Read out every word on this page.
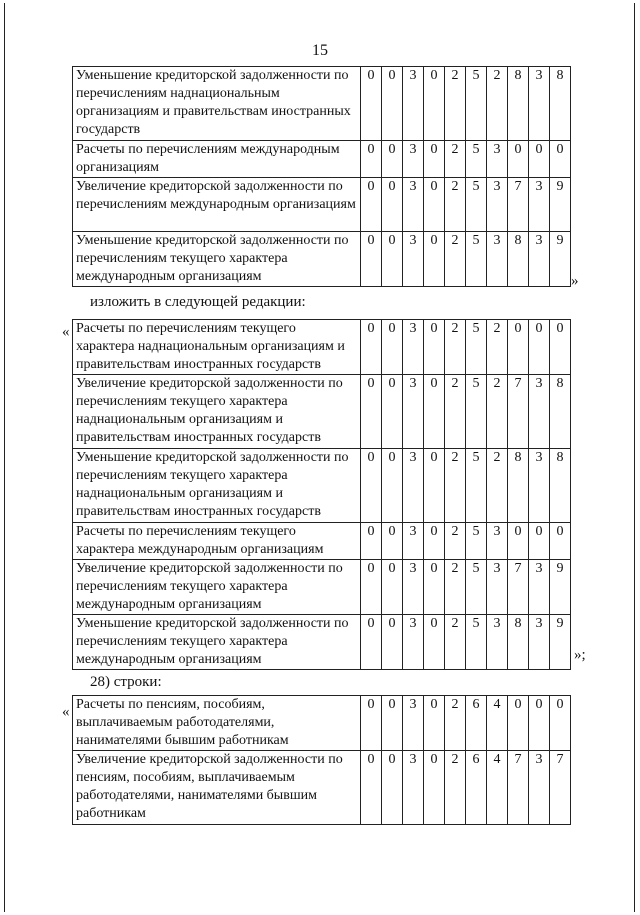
15
Уменьшение кредиторской задолженности по перечислениям наднациональным организациям и правительствам иностранных государств	0	0	3	0	2	5	2	8	3	8
Расчеты по перечислениям международным организациям	0	0	3	0	2	5	3	0	0	0
Увеличение кредиторской задолженности по перечислениям международным организациям	0	0	3	0	2	5	3	7	3	9
Уменьшение кредиторской задолженности по перечислениям текущего характера международным организациям	0	0	3	0	2	5	3	8	3	9
»
изложить в следующей редакции:
« Расчеты по перечислениям текущего характера наднациональным организациям и правительствам иностранных государств	0	0	3	0	2	5	2	0	0	0
Увеличение кредиторской задолженности по перечислениям текущего характера наднациональным организациям и правительствам иностранных государств	0	0	3	0	2	5	2	7	3	8
Уменьшение кредиторской задолженности по перечислениям текущего характера наднациональным организациям и правительствам иностранных государств	0	0	3	0	2	5	2	8	3	8
Расчеты по перечислениям текущего характера международным организациям	0	0	3	0	2	5	3	0	0	0
Увеличение кредиторской задолженности по перечислениям текущего характера международным организациям	0	0	3	0	2	5	3	7	3	9
Уменьшение кредиторской задолженности по перечислениям текущего характера международным организациям	0	0	3	0	2	5	3	8	3	9
»;
28) строки:
« Расчеты по пенсиям, пособиям, выплачиваемым работодателями, нанимателями бывшим работникам	0	0	3	0	2	6	4	0	0	0
Увеличение кредиторской задолженности по пенсиям, пособиям, выплачиваемым работодателями, нанимателями бывшим работникам	0	0	3	0	2	6	4	7	3	7
